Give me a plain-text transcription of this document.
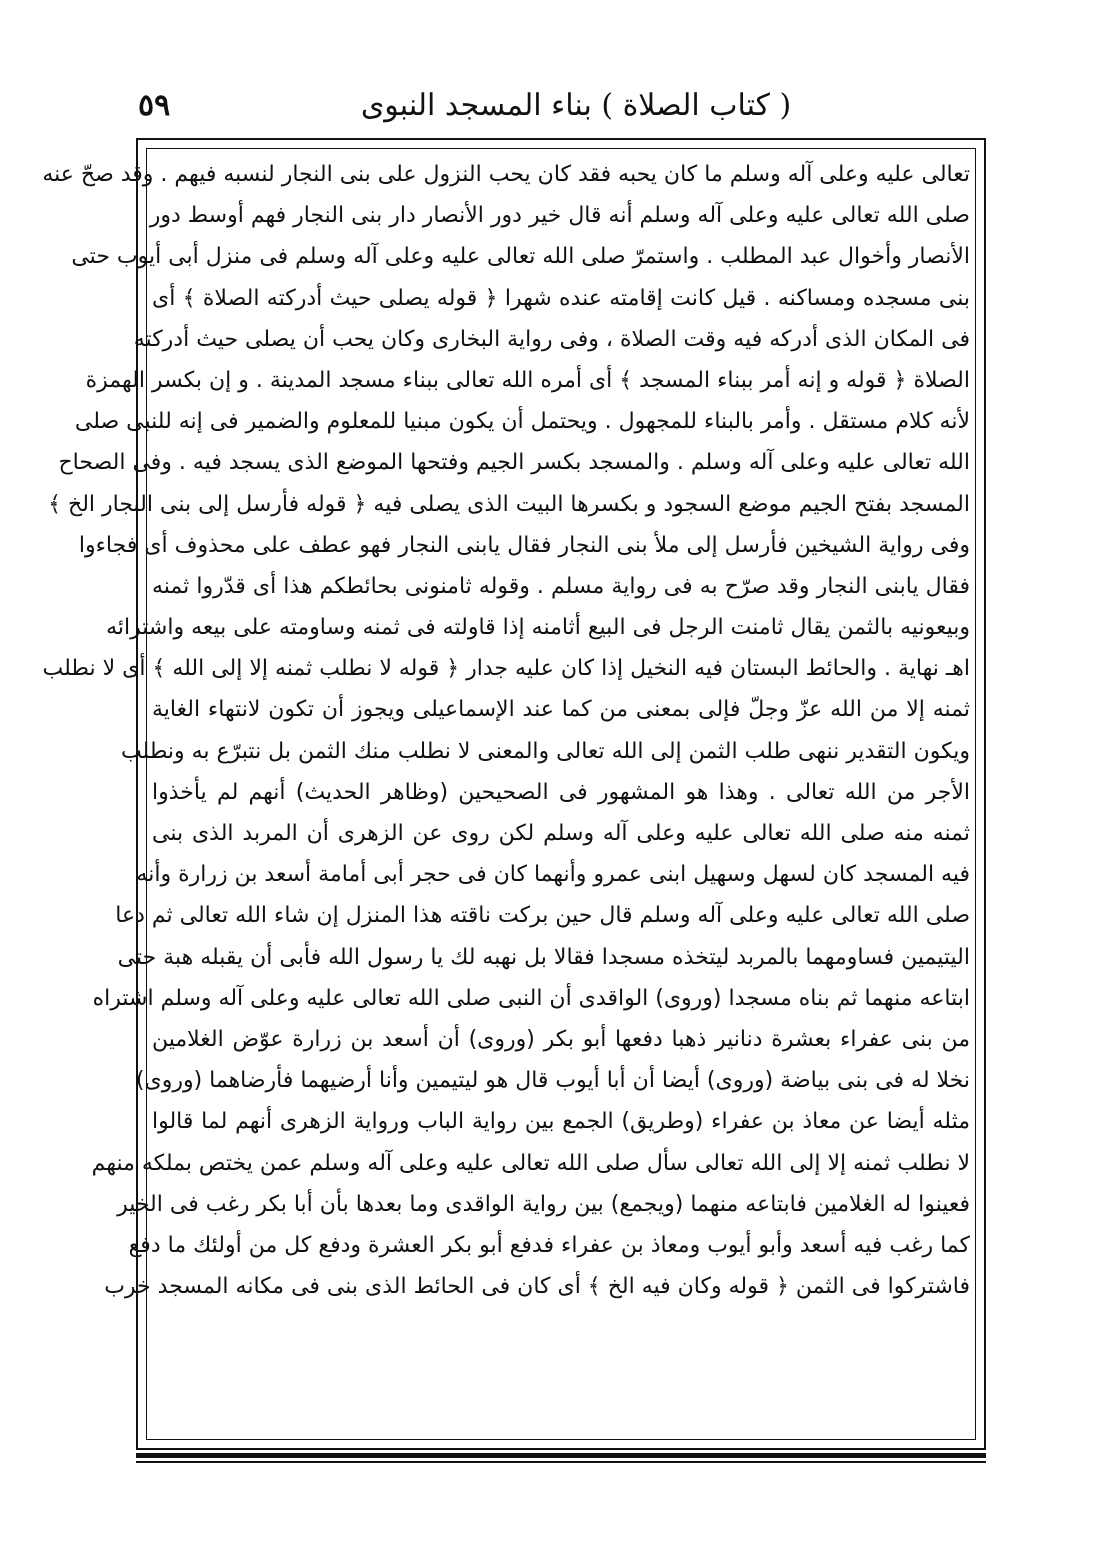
٥٩	( كتاب الصلاة ) بناء المسجد النبوى
تعالى عليه وعلى آله وسلم ما كان يحبه فقد كان يحب النزول على بنى النجار لنسبه فيهم . وقد صحّ عنه
صلى الله تعالى عليه وعلى آله وسلم أنه قال خير دور الأنصار دار بنى النجار فهم أوسط دور
الأنصار وأخوال عبد المطلب . واستمرّ صلى الله تعالى عليه وعلى آله وسلم فى منزل أبى أيوب حتى
بنى مسجده ومساكنه . قيل كانت إقامته عنده شهرا ﴿ قوله يصلى حيث أدركته الصلاة ﴾ أى
فى المكان الذى أدركه فيه وقت الصلاة ، وفى رواية البخارى وكان يحب أن يصلى حيث أدركته
الصلاة ﴿ قوله و إنه أمر ببناء المسجد ﴾ أى أمره الله تعالى ببناء مسجد المدينة . و إن بكسر الهمزة
لأنه كلام مستقل . وأمر بالبناء للمجهول . ويحتمل أن يكون مبنيا للمعلوم والضمير فى إنه للنبى صلى
الله تعالى عليه وعلى آله وسلم . والمسجد بكسر الجيم وفتحها الموضع الذى يسجد فيه . وفى الصحاح
المسجد بفتح الجيم موضع السجود و بكسرها البيت الذى يصلى فيه ﴿ قوله فأرسل إلى بنى النجار الخ ﴾
وفى رواية الشيخين فأرسل إلى ملأ بنى النجار فقال يابنى النجار فهو عطف على محذوف أى فجاءوا
فقال يابنى النجار وقد صرّح به فى رواية مسلم . وقوله ثامنونى بحائطكم هذا أى قدّروا ثمنه
وبيعونيه بالثمن يقال ثامنت الرجل فى البيع أثامنه إذا قاولته فى ثمنه وساومته على بيعه واشترائه
اهـ نهاية . والحائط البستان فيه النخيل إذا كان عليه جدار ﴿ قوله لا نطلب ثمنه إلا إلى الله ﴾ أى لا نطلب
ثمنه إلا من الله عزّ وجلّ فإلى بمعنى من كما عند الإسماعيلى ويجوز أن تكون لانتهاء الغاية
ويكون التقدير ننهى طلب الثمن إلى الله تعالى والمعنى لا نطلب منك الثمن بل نتبرّع به ونطلب
الأجر من الله تعالى . وهذا هو المشهور فى الصحيحين (وظاهر الحديث) أنهم لم يأخذوا
ثمنه منه صلى الله تعالى عليه وعلى آله وسلم لكن روى عن الزهرى أن المربد الذى بنى
فيه المسجد كان لسهل وسهيل ابنى عمرو وأنهما كان فى حجر أبى أمامة أسعد بن زرارة وأنه
صلى الله تعالى عليه وعلى آله وسلم قال حين بركت ناقته هذا المنزل إن شاء الله تعالى ثم دعا
اليتيمين فساومهما بالمربد ليتخذه مسجدا فقالا بل نهبه لك يا رسول الله فأبى أن يقبله هبة حتى
ابتاعه منهما ثم بناه مسجدا (وروى) الواقدى أن النبى صلى الله تعالى عليه وعلى آله وسلم اشتراه
من بنى عفراء بعشرة دنانير ذهبا دفعها أبو بكر (وروى) أن أسعد بن زرارة عوّض الغلامين
نخلا له فى بنى بياضة (وروى) أيضا أن أبا أيوب قال هو ليتيمين وأنا أرضيهما فأرضاهما (وروى)
مثله أيضا عن معاذ بن عفراء (وطريق) الجمع بين رواية الباب ورواية الزهرى أنهم لما قالوا
لا نطلب ثمنه إلا إلى الله تعالى سأل صلى الله تعالى عليه وعلى آله وسلم عمن يختص بملكه منهم
فعينوا له الغلامين فابتاعه منهما (ويجمع) بين رواية الواقدى وما بعدها بأن أبا بكر رغب فى الخير
كما رغب فيه أسعد وأبو أيوب ومعاذ بن عفراء فدفع أبو بكر العشرة ودفع كل من أولئك ما دفع
فاشتركوا فى الثمن ﴿ قوله وكان فيه الخ ﴾ أى كان فى الحائط الذى بنى فى مكانه المسجد خرب
